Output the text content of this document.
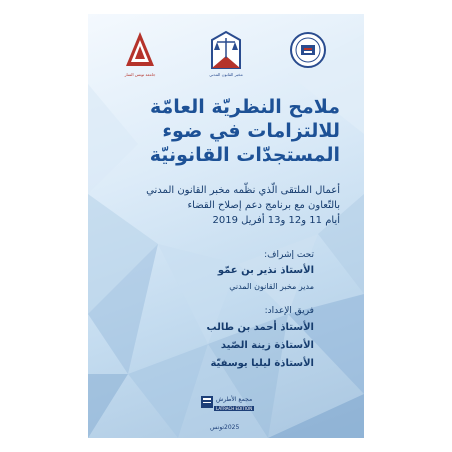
جامعة تونس المنار	مخبر القانون المدني
ملامح النظريّة العامّة
للالتزامات في ضوء
المستجدّات القانونيّة
أعمال الملتقى الّذي نظّمه مخبر القانون المدني
بالتّعاون مع برنامج دعم إصلاح القضاء
أيام 11 و12 و13 أفريل 2019
تحت إشراف:
الأستاذ نذير بن عمّو
مدير مخبر القانون المدني
فريق الإعداد:
الأستاذ أحمد بن طالب
الأستاذة زينة الصّيد
الأستاذة ليليا يوسفيّة
مجمع الأطرش
LATRACH EDITION
2025
تونس
